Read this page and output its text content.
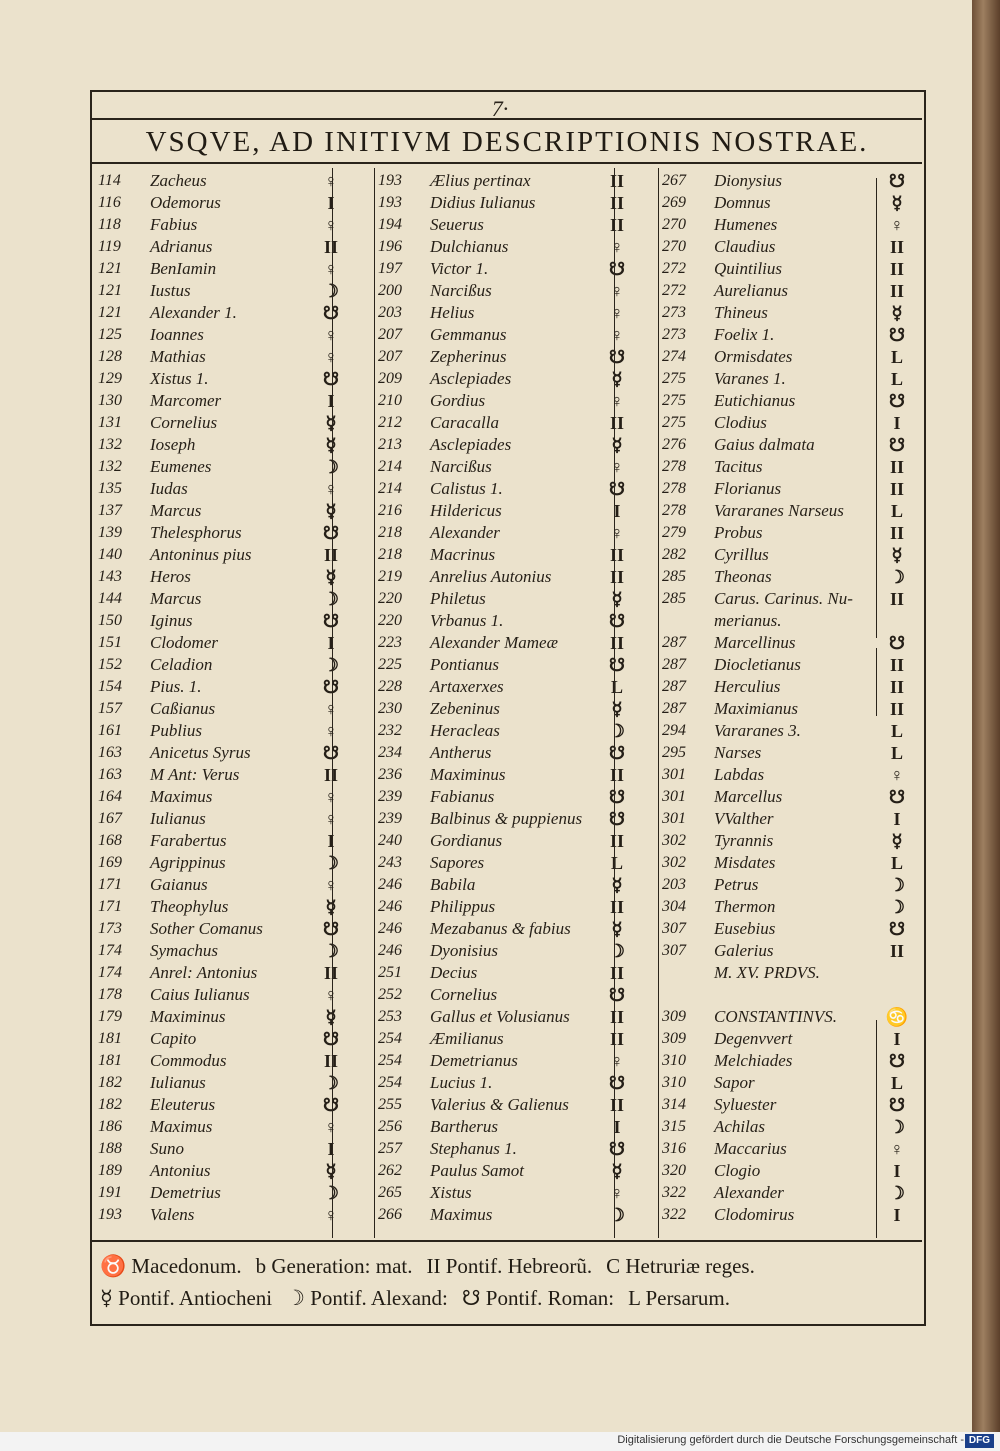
7·
VSQVE, AD INITIVM DESCRIPTIONIS NOSTRAE.
114	Zacheus	♀
116	Odemorus	I
118	Fabius	♀
119	Adrianus	II
121	BenIamin	♀
121	Iustus	☽
121	Alexander 1.	☋
125	Ioannes	♀
128	Mathias	♀
129	Xistus 1.	☋
130	Marcomer	I
131	Cornelius	☿
132	Ioseph	☿
132	Eumenes	☽
135	Iudas	♀
137	Marcus	☿
139	Thelesphorus	☋
140	Antoninus pius	II
143	Heros	☿
144	Marcus	☽
150	Iginus	☋
151	Clodomer	I
152	Celadion	☽
154	Pius. 1.	☋
157	Caßianus	♀
161	Publius	♀
163	Anicetus Syrus	☋
163	M Ant: Verus	II
164	Maximus	♀
167	Iulianus	♀
168	Farabertus	I
169	Agrippinus	☽
171	Gaianus	♀
171	Theophylus	☿
173	Sother Comanus	☋
174	Symachus	☽
174	Anrel: Antonius	II
178	Caius Iulianus	♀
179	Maximinus	☿
181	Capito	☋
181	Commodus	II
182	Iulianus	☽
182	Eleuterus	☋
186	Maximus	♀
188	Suno	I
189	Antonius	☿
191	Demetrius	☽
193	Valens	♀
193	Ælius pertinax	II
193	Didius Iulianus	II
194	Seuerus	II
196	Dulchianus	♀
197	Victor 1.	☋
200	Narcißus	♀
203	Helius	♀
207	Gemmanus	♀
207	Zepherinus	☋
209	Asclepiades	☿
210	Gordius	♀
212	Caracalla	II
213	Asclepiades	☿
214	Narcißus	♀
214	Calistus 1.	☋
216	Hildericus	I
218	Alexander	♀
218	Macrinus	II
219	Anrelius Autonius	II
220	Philetus	☿
220	Vrbanus 1.	☋
223	Alexander Mameæ	II
225	Pontianus	☋
228	Artaxerxes	L
230	Zebeninus	☿
232	Heracleas	☽
234	Antherus	☋
236	Maximinus	II
239	Fabianus	☋
239	Balbinus & puppienus ☋
240	Gordianus	II
243	Sapores	L
246	Babila	☿
246	Philippus	II
246	Mezabanus & fabius	☿
246	Dyonisius	☽
251	Decius	II
252	Cornelius	☋
253	Gallus et Volusianus	II
254	Æmilianus	II
254	Demetrianus	♀
254	Lucius 1.	☋
255	Valerius & Galienus	II
256	Bartherus	I
257	Stephanus 1.	☋
262	Paulus Samot	☿
265	Xistus	♀
266	Maximus	☽
267	Dionysius	☋
269	Domnus	☿
270	Humenes	♀
270	Claudius	II
272	Quintilius	II
272	Aurelianus	II
273	Thineus	☿
273	Foelix 1.	☋
274	Ormisdates	L
275	Varanes 1.	L
275	Eutichianus	☋
275	Clodius	I
276	Gaius dalmata	☋
278	Tacitus	II
278	Florianus	II
278	Vararanes Narseus	L
279	Probus	II
282	Cyrillus	☿
285	Theonas	☽
285	Carus. Carinus. Nu-	II
merianus.
287	Marcellinus	☋
287	Diocletianus	II
287	Herculius	II
287	Maximianus	II
294	Vararanes 3.	L
295	Narses	L
301	Labdas	♀
301	Marcellus	☋
301	VValther	I
302	Tyrannis	☿
302	Misdates	L
203	Petrus	☽
304	Thermon	☽
307	Eusebius	☋
307	Galerius	II
M. XV. PRDVS.
309	CONSTANTINVS.	♋
309	Degenvvert	I
310	Melchiades	☋
310	Sapor	L
314	Syluester	☋
315	Achilas	☽
316	Maccarius	♀
320	Clogio	I
322	Alexander	☽
322	Clodomirus	I
♉ Macedonum. b Generation: mat. II Pontif. Hebreorũ. C Hetruriæ reges.
☿ Pontif. Antiocheni ☽ Pontif. Alexand: ☋ Pontif. Roman: L Persarum.
Digitalisierung gefördert durch die Deutsche Forschungsgemeinschaft - DFG
